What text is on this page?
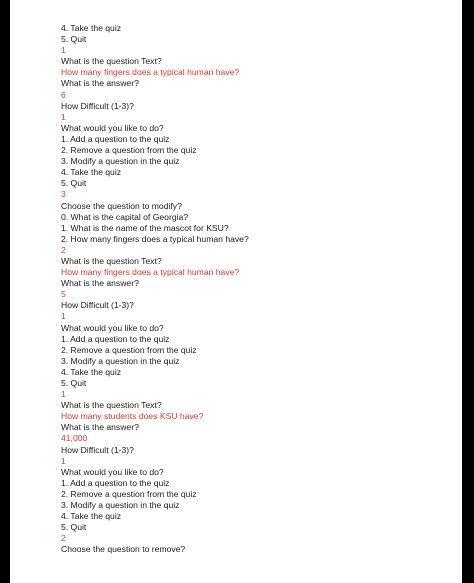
4. Take the quiz
5. Quit
1
What is the question Text?
How many fingers does a typical human have?
What is the answer?
6
How Difficult (1-3)?
1
What would you like to do?
1. Add a question to the quiz
2. Remove a question from the quiz
3. Modify a question in the quiz
4. Take the quiz
5. Quit
3
Choose the question to modify?
0. What is the capital of Georgia?
1. What is the name of the mascot for KSU?
2. How many fingers does a typical human have?
2
What is the question Text?
How many fingers does a typical human have?
What is the answer?
5
How Difficult (1-3)?
1
What would you like to do?
1. Add a question to the quiz
2. Remove a question from the quiz
3. Modify a question in the quiz
4. Take the quiz
5. Quit
1
What is the question Text?
How many students does KSU have?
What is the answer?
41,000
How Difficult (1-3)?
1
What would you like to do?
1. Add a question to the quiz
2. Remove a question from the quiz
3. Modify a question in the quiz
4. Take the quiz
5. Quit
2
Choose the question to remove?
